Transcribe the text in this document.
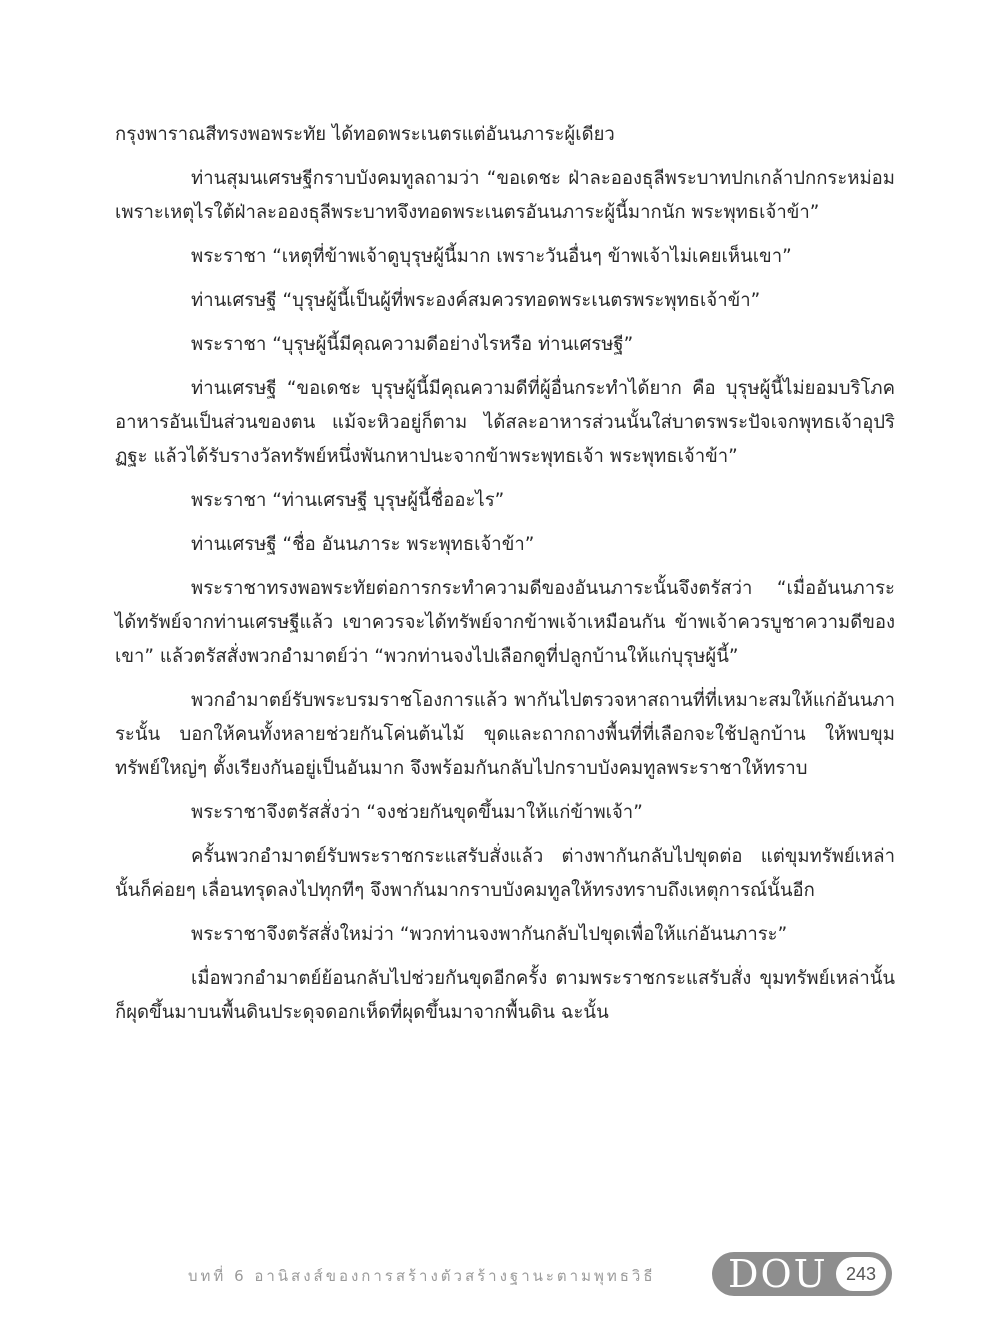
กรุงพาราณสีทรงพอพระทัย ได้ทอดพระเนตรแต่อันนภาระผู้เดียว

ท่านสุมนเศรษฐีกราบบังคมทูลถามว่า “ขอเดชะ ฝ่าละอองธุลีพระบาทปกเกล้าปกกระหม่อม เพราะเหตุไรใต้ฝ่าละอองธุลีพระบาทจึงทอดพระเนตรอันนภาระผู้นี้มากนัก พระพุทธเจ้าข้า”

พระราชา “เหตุที่ข้าพเจ้าดูบุรุษผู้นี้มาก เพราะวันอื่นๆ ข้าพเจ้าไม่เคยเห็นเขา”

ท่านเศรษฐี “บุรุษผู้นี้เป็นผู้ที่พระองค์สมควรทอดพระเนตรพระพุทธเจ้าข้า”

พระราชา “บุรุษผู้นี้มีคุณความดีอย่างไรหรือ ท่านเศรษฐี”

ท่านเศรษฐี “ขอเดชะ บุรุษผู้นี้มีคุณความดีที่ผู้อื่นกระทำได้ยาก คือ บุรุษผู้นี้ไม่ยอมบริโภคอาหารอันเป็นส่วนของตน แม้จะหิวอยู่ก็ตาม ได้สละอาหารส่วนนั้นใส่บาตรพระปัจเจกพุทธเจ้าอุปริฏฐะ แล้วได้รับรางวัลทรัพย์หนึ่งพันกหาปนะจากข้าพระพุทธเจ้า พระพุทธเจ้าข้า”

พระราชา “ท่านเศรษฐี บุรุษผู้นี้ชื่ออะไร”

ท่านเศรษฐี “ชื่อ อันนภาระ พระพุทธเจ้าข้า”

พระราชาทรงพอพระทัยต่อการกระทำความดีของอันนภาระนั้นจึงตรัสว่า “เมื่ออันนภาระได้ทรัพย์จากท่านเศรษฐีแล้ว เขาควรจะได้ทรัพย์จากข้าพเจ้าเหมือนกัน ข้าพเจ้าควรบูชาความดีของเขา” แล้วตรัสสั่งพวกอำมาตย์ว่า “พวกท่านจงไปเลือกดูที่ปลูกบ้านให้แก่บุรุษผู้นี้”

พวกอำมาตย์รับพระบรมราชโองการแล้ว พากันไปตรวจหาสถานที่ที่เหมาะสมให้แก่อันนภาระนั้น บอกให้คนทั้งหลายช่วยกันโค่นต้นไม้ ขุดและถากถางพื้นที่ที่เลือกจะใช้ปลูกบ้าน ให้พบขุมทรัพย์ใหญ่ๆ ตั้งเรียงกันอยู่เป็นอันมาก จึงพร้อมกันกลับไปกราบบังคมทูลพระราชาให้ทราบ

พระราชาจึงตรัสสั่งว่า “จงช่วยกันขุดขึ้นมาให้แก่ข้าพเจ้า”

ครั้นพวกอำมาตย์รับพระราชกระแสรับสั่งแล้ว ต่างพากันกลับไปขุดต่อ แต่ขุมทรัพย์เหล่านั้นก็ค่อยๆ เลื่อนทรุดลงไปทุกทีๆ จึงพากันมากราบบังคมทูลให้ทรงทราบถึงเหตุการณ์นั้นอีก

พระราชาจึงตรัสสั่งใหม่ว่า “พวกท่านจงพากันกลับไปขุดเพื่อให้แก่อันนภาระ”

เมื่อพวกอำมาตย์ย้อนกลับไปช่วยกันขุดอีกครั้ง ตามพระราชกระแสรับสั่ง ขุมทรัพย์เหล่านั้น ก็ผุดขึ้นมาบนพื้นดินประดุจดอกเห็ดที่ผุดขึ้นมาจากพื้นดิน ฉะนั้น

บทที่ 6 อานิสงส์ของการสร้างตัวสร้างฐานะตามพุทธวิธี DOU	243
